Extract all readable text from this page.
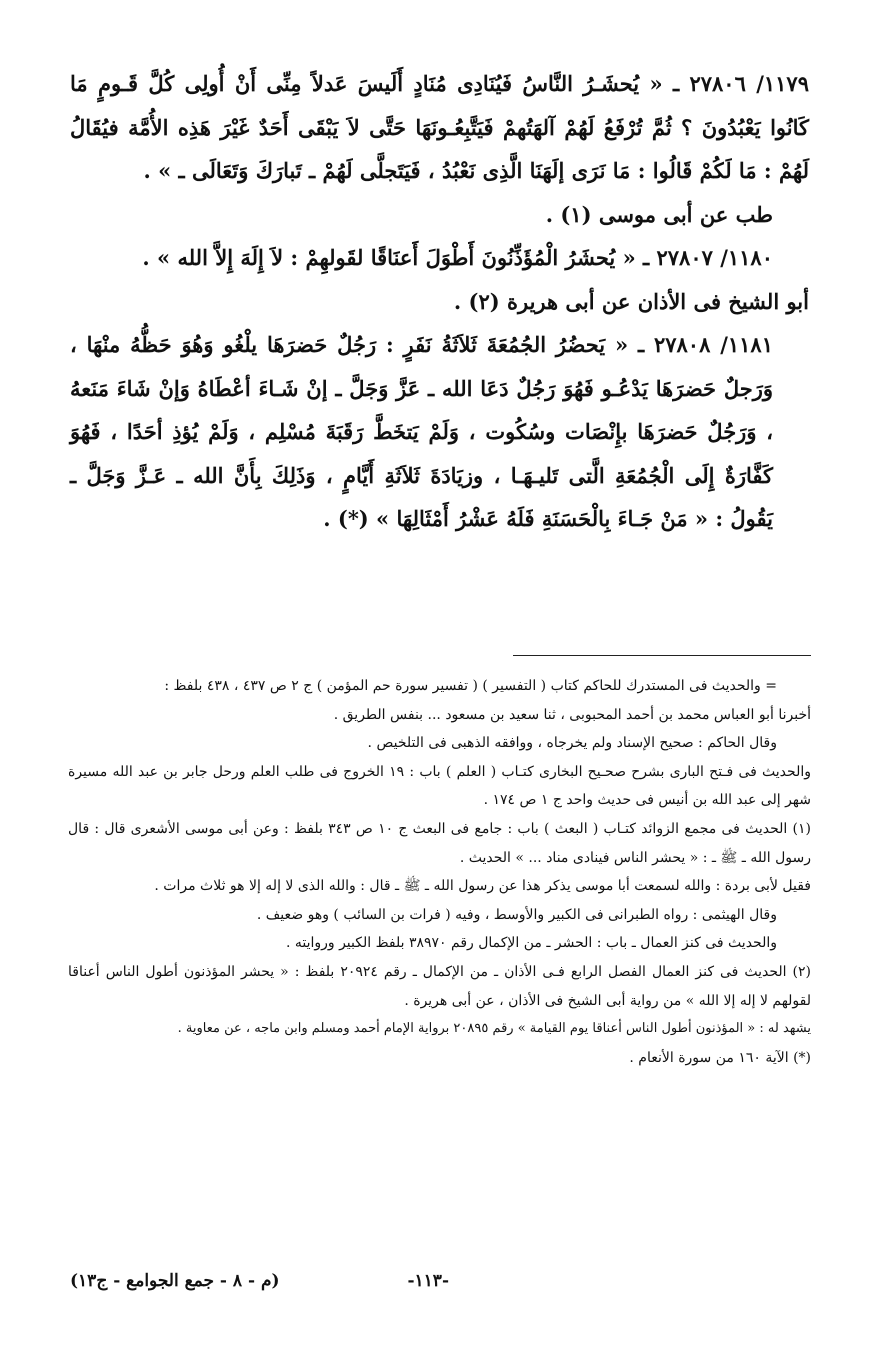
١١٧٩/ ٢٧٨٠٦ ـ « يُحشَـرُ النَّاسُ فَيُنَادِى مُنَادٍ أَلَيسَ عَدلاً مِنِّى أَنْ أُولِى كُلَّ قَـومٍ مَا كَانُوا يَعْبُدُونَ ؟ ثُمَّ تُرْفَعُ لَهُمْ آلهَتُهمْ فَيَتَّبِعُـونَهَا حَتَّى لاَ يَبْقَى أَحَدٌ غَيْرَ هَذِه الأُمَّة فيُقَالُ لَهُمْ : مَا لَكُمْ قَالُوا : مَا نَرَى إلَهَنَا الَّذِى نَعْبُدُ ، فَيَتَجلَّى لَهُمْ ـ تَبارَكَ وَتَعَالَى ـ » .

طب عن أبى موسى (١) .

١١٨٠/ ٢٧٨٠٧ ـ « يُحشَرُ الْمُؤَذِّنُونَ أَطْوَلَ أَعنَاقًا لقَولهِمْ : لاَ إِلَهَ إِلاَّ الله » .

أبو الشيخ فى الأذان عن أبى هريرة (٢) .

١١٨١/ ٢٧٨٠٨ ـ « يَحضُرُ الجُمُعَةَ ثَلاَثَةُ نَفَرٍ : رَجُلٌ حَضرَهَا يلْغُو وَهُوَ حَظُّهُ منْهَا ، وَرَجلٌ حَضرَهَا يَدْعُـو فَهُوَ رَجُلٌ دَعَا الله ـ عَزَّ وَجَلَّ ـ إنْ شَـاءَ أعْطَاهُ وَإنْ شَاءَ مَنَعهُ ، وَرَجُلٌ حَضرَهَا بإِنْصَات وسُكُوت ، وَلَمْ يَتخَطَّ رَقَبَةَ مُسْلِم ، وَلَمْ يُؤذِ أحَدًا ، فَهُوَ كَفَّارَةٌ إِلَى الْجُمُعَةِ الَّتى تَليـهَـا ، وزيَادَةَ ثَلاَثَةِ أَيَّامٍ ، وَذَلِكَ بِأَنَّ الله ـ عَـزَّ وَجَلَّ ـ يَقُولُ : « مَنْ جَـاءَ بِالْحَسَنَةِ فَلَهُ عَشْرُ أَمْثَالِهَا » (*) .

= والحديث فى المستدرك للحاكم كتاب ( التفسير ) ( تفسير سورة حم المؤمن ) ج ٢ ص ٤٣٧ ، ٤٣٨ بلفظ :

أخبرنا أبو العباس محمد بن أحمد المحبوبى ، ثنا سعيد بن مسعود ... بنفس الطريق .

وقال الحاكم : صحيح الإسناد ولم يخرجاه ، ووافقه الذهبى فى التلخيص .

والحديث فى فـتح البارى بشرح صحـيح البخارى كتـاب ( العلم ) باب : ١٩ الخروج فى طلب العلم ورحل جابر بن عبد الله مسيرة شهر إلى عبد الله بن أنيس فى حديث واحد ج ١ ص ١٧٤ .

(١) الحديث فى مجمع الزوائد كتـاب ( البعث ) باب : جامع فى البعث ج ١٠ ص ٣٤٣ بلفظ : وعن أبى موسى الأشعرى قال : قال رسول الله ـ ﷺ ـ : « يحشر الناس فينادى مناد ... » الحديث .

فقيل لأبى بردة : والله لسمعت أبا موسى يذكر هذا عن رسول الله ـ ﷺ ـ قال : والله الذى لا إله إلا هو ثلاث مرات .

وقال الهيثمى : رواه الطبرانى فى الكبير والأوسط ، وفيه ( فرات بن السائب ) وهو ضعيف .

والحديث فى كنز العمال ـ باب : الحشر ـ من الإكمال رقم ٣٨٩٧٠ بلفظ الكبير وروايته .

(٢) الحديث فى كنز العمال الفصل الرابع فـى الأذان ـ من الإكمال ـ رقم ٢٠٩٢٤ بلفظ : « يحشر المؤذنون أطول الناس أعناقا لقولهم لا إله إلا الله » من رواية أبى الشيخ فى الأذان ، عن أبى هريرة .

يشهد له : « المؤذنون أطول الناس أعناقا يوم القيامة » رقم ٢٠٨٩٥ برواية الإمام أحمد ومسلم وابن ماجه ، عن معاوية .

(*) الآية ١٦٠ من سورة الأنعام .

-١١٣-
(م - ٨ - جمع الجوامع - ج١٣)
